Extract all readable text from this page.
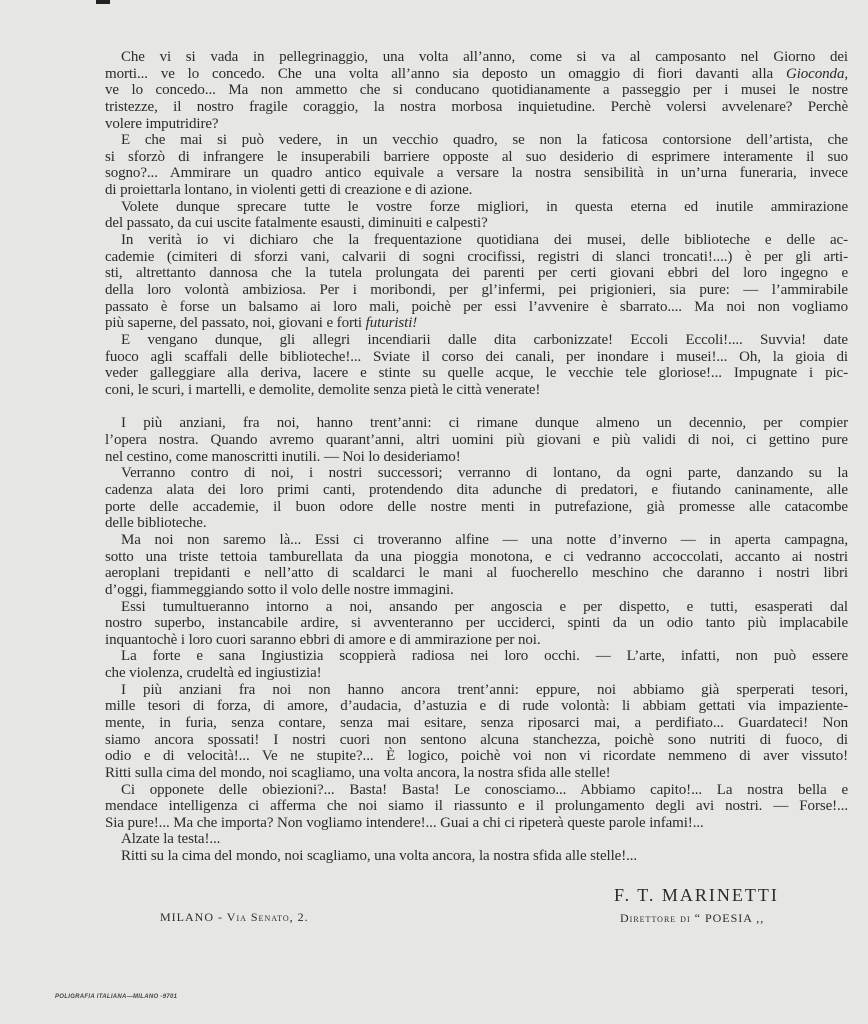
Che vi si vada in pellegrinaggio, una volta all’anno, come si va al camposanto nel Giorno dei
morti... ve lo concedo. Che una volta all’anno sia deposto un omaggio di fiori davanti alla Gioconda,
ve lo concedo... Ma non ammetto che si conducano quotidianamente a passeggio per i musei le nostre
tristezze, il nostro fragile coraggio, la nostra morbosa inquietudine. Perchè volersi avvelenare? Perchè
volere imputridire?
E che mai si può vedere, in un vecchio quadro, se non la faticosa contorsione dell’artista, che
si sforzò di infrangere le insuperabili barriere opposte al suo desiderio di esprimere interamente il suo
sogno?... Ammirare un quadro antico equivale a versare la nostra sensibilità in un’urna funeraria, invece
di proiettarla lontano, in violenti getti di creazione e di azione.
Volete dunque sprecare tutte le vostre forze migliori, in questa eterna ed inutile ammirazione
del passato, da cui uscite fatalmente esausti, diminuiti e calpesti?
In verità io vi dichiaro che la frequentazione quotidiana dei musei, delle biblioteche e delle ac-
cademie (cimiteri di sforzi vani, calvarii di sogni crocifissi, registri di slanci troncati!....) è per gli arti-
sti, altrettanto dannosa che la tutela prolungata dei parenti per certi giovani ebbri del loro ingegno e
della loro volontà ambiziosa. Per i moribondi, per gl’infermi, pei prigionieri, sia pure: — l’ammirabile
passato è forse un balsamo ai loro mali, poichè per essi l’avvenire è sbarrato.... Ma noi non vogliamo
più saperne, del passato, noi, giovani e forti futuristi!
E vengano dunque, gli allegri incendiarii dalle dita carbonizzate! Eccoli Eccoli!.... Suvvia! date
fuoco agli scaffali delle biblioteche!... Sviate il corso dei canali, per inondare i musei!... Oh, la gioia di
veder galleggiare alla deriva, lacere e stinte su quelle acque, le vecchie tele gloriose!... Impugnate i pic-
coni, le scuri, i martelli, e demolite, demolite senza pietà le città venerate!
I più anziani, fra noi, hanno trent’anni: ci rimane dunque almeno un decennio, per compier
l’opera nostra. Quando avremo quarant’anni, altri uomini più giovani e più validi di noi, ci gettino pure
nel cestino, come manoscritti inutili. — Noi lo desideriamo!
Verranno contro di noi, i nostri successori; verranno di lontano, da ogni parte, danzando su la
cadenza alata dei loro primi canti, protendendo dita adunche di predatori, e fiutando caninamente, alle
porte delle accademie, il buon odore delle nostre menti in putrefazione, già promesse alle catacombe
delle biblioteche.
Ma noi non saremo là... Essi ci troveranno alfine — una notte d’inverno — in aperta campagna,
sotto una triste tettoia tamburellata da una pioggia monotona, e ci vedranno accoccolati, accanto ai nostri
aeroplani trepidanti e nell’atto di scaldarci le mani al fuocherello meschino che daranno i nostri libri
d’oggi, fiammeggiando sotto il volo delle nostre immagini.
Essi tumultueranno intorno a noi, ansando per angoscia e per dispetto, e tutti, esasperati dal
nostro superbo, instancabile ardire, si avventeranno per ucciderci, spinti da un odio tanto più implacabile
inquantochè i loro cuori saranno ebbri di amore e di ammirazione per noi.
La forte e sana Ingiustizia scoppierà radiosa nei loro occhi. — L’arte, infatti, non può essere
che violenza, crudeltà ed ingiustizia!
I più anziani fra noi non hanno ancora trent’anni: eppure, noi abbiamo già sperperati tesori,
mille tesori di forza, di amore, d’audacia, d’astuzia e di rude volontà: li abbiam gettati via impaziente-
mente, in furia, senza contare, senza mai esitare, senza riposarci mai, a perdifiato... Guardateci! Non
siamo ancora spossati! I nostri cuori non sentono alcuna stanchezza, poichè sono nutriti di fuoco, di
odio e di velocità!... Ve ne stupite?... È logico, poichè voi non vi ricordate nemmeno di aver vissuto!
Ritti sulla cima del mondo, noi scagliamo, una volta ancora, la nostra sfida alle stelle!
Ci opponete delle obiezioni?... Basta! Basta! Le conosciamo... Abbiamo capito!... La nostra bella e
mendace intelligenza ci afferma che noi siamo il riassunto e il prolungamento degli avi nostri. — Forse!...
Sia pure!... Ma che importa? Non vogliamo intendere!... Guai a chi ci ripeterà queste parole infami!...
Alzate la testa!...
Ritti su la cima del mondo, noi scagliamo, una volta ancora, la nostra sfida alle stelle!...
F. T. MARINETTI
Direttore di “ POESIA ,,
MILANO - Via Senato, 2.
POLIGRAFIA ITALIANA—MILANO -9701
